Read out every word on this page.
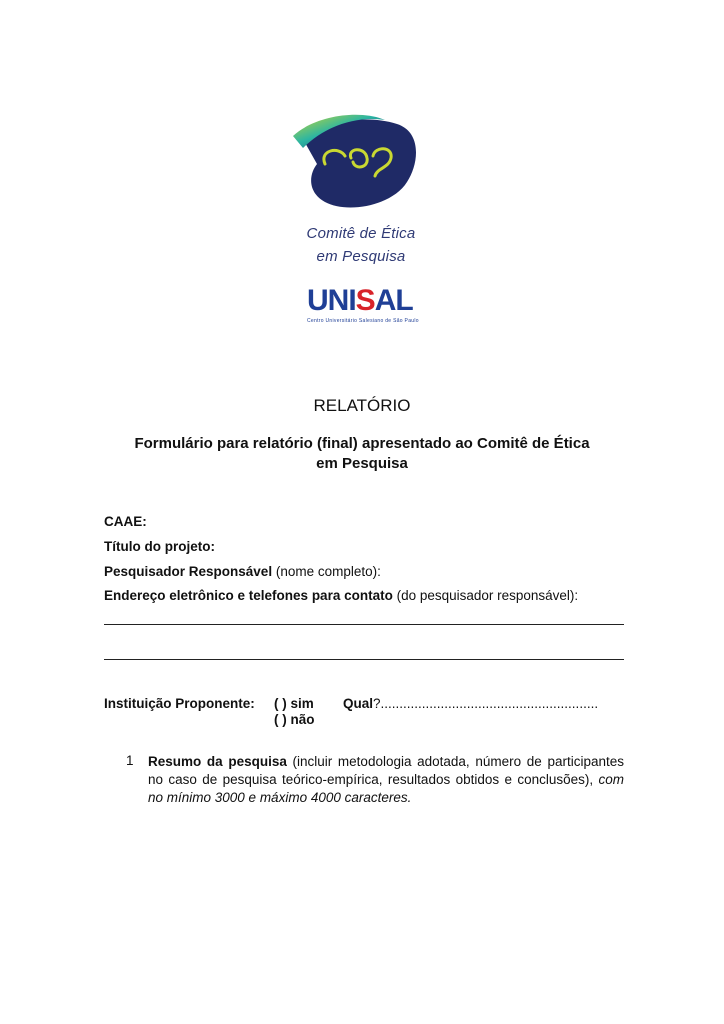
Comitê de Ética
em Pesquisa
UNISAL
Centro Universitário Salesiano de São Paulo
RELATÓRIO
Formulário para relatório (final) apresentado ao Comitê de Ética
em Pesquisa
CAAE:
Título do projeto:
Pesquisador Responsável (nome completo):
Endereço eletrônico e telefones para contato (do pesquisador responsável):
Instituição Proponente: ( ) sim Qual?..........................................................
( ) não
1 Resumo da pesquisa (incluir metodologia adotada, número de participantes no caso de pesquisa teórico-empírica, resultados obtidos e conclusões), com no mínimo 3000 e máximo 4000 caracteres.
